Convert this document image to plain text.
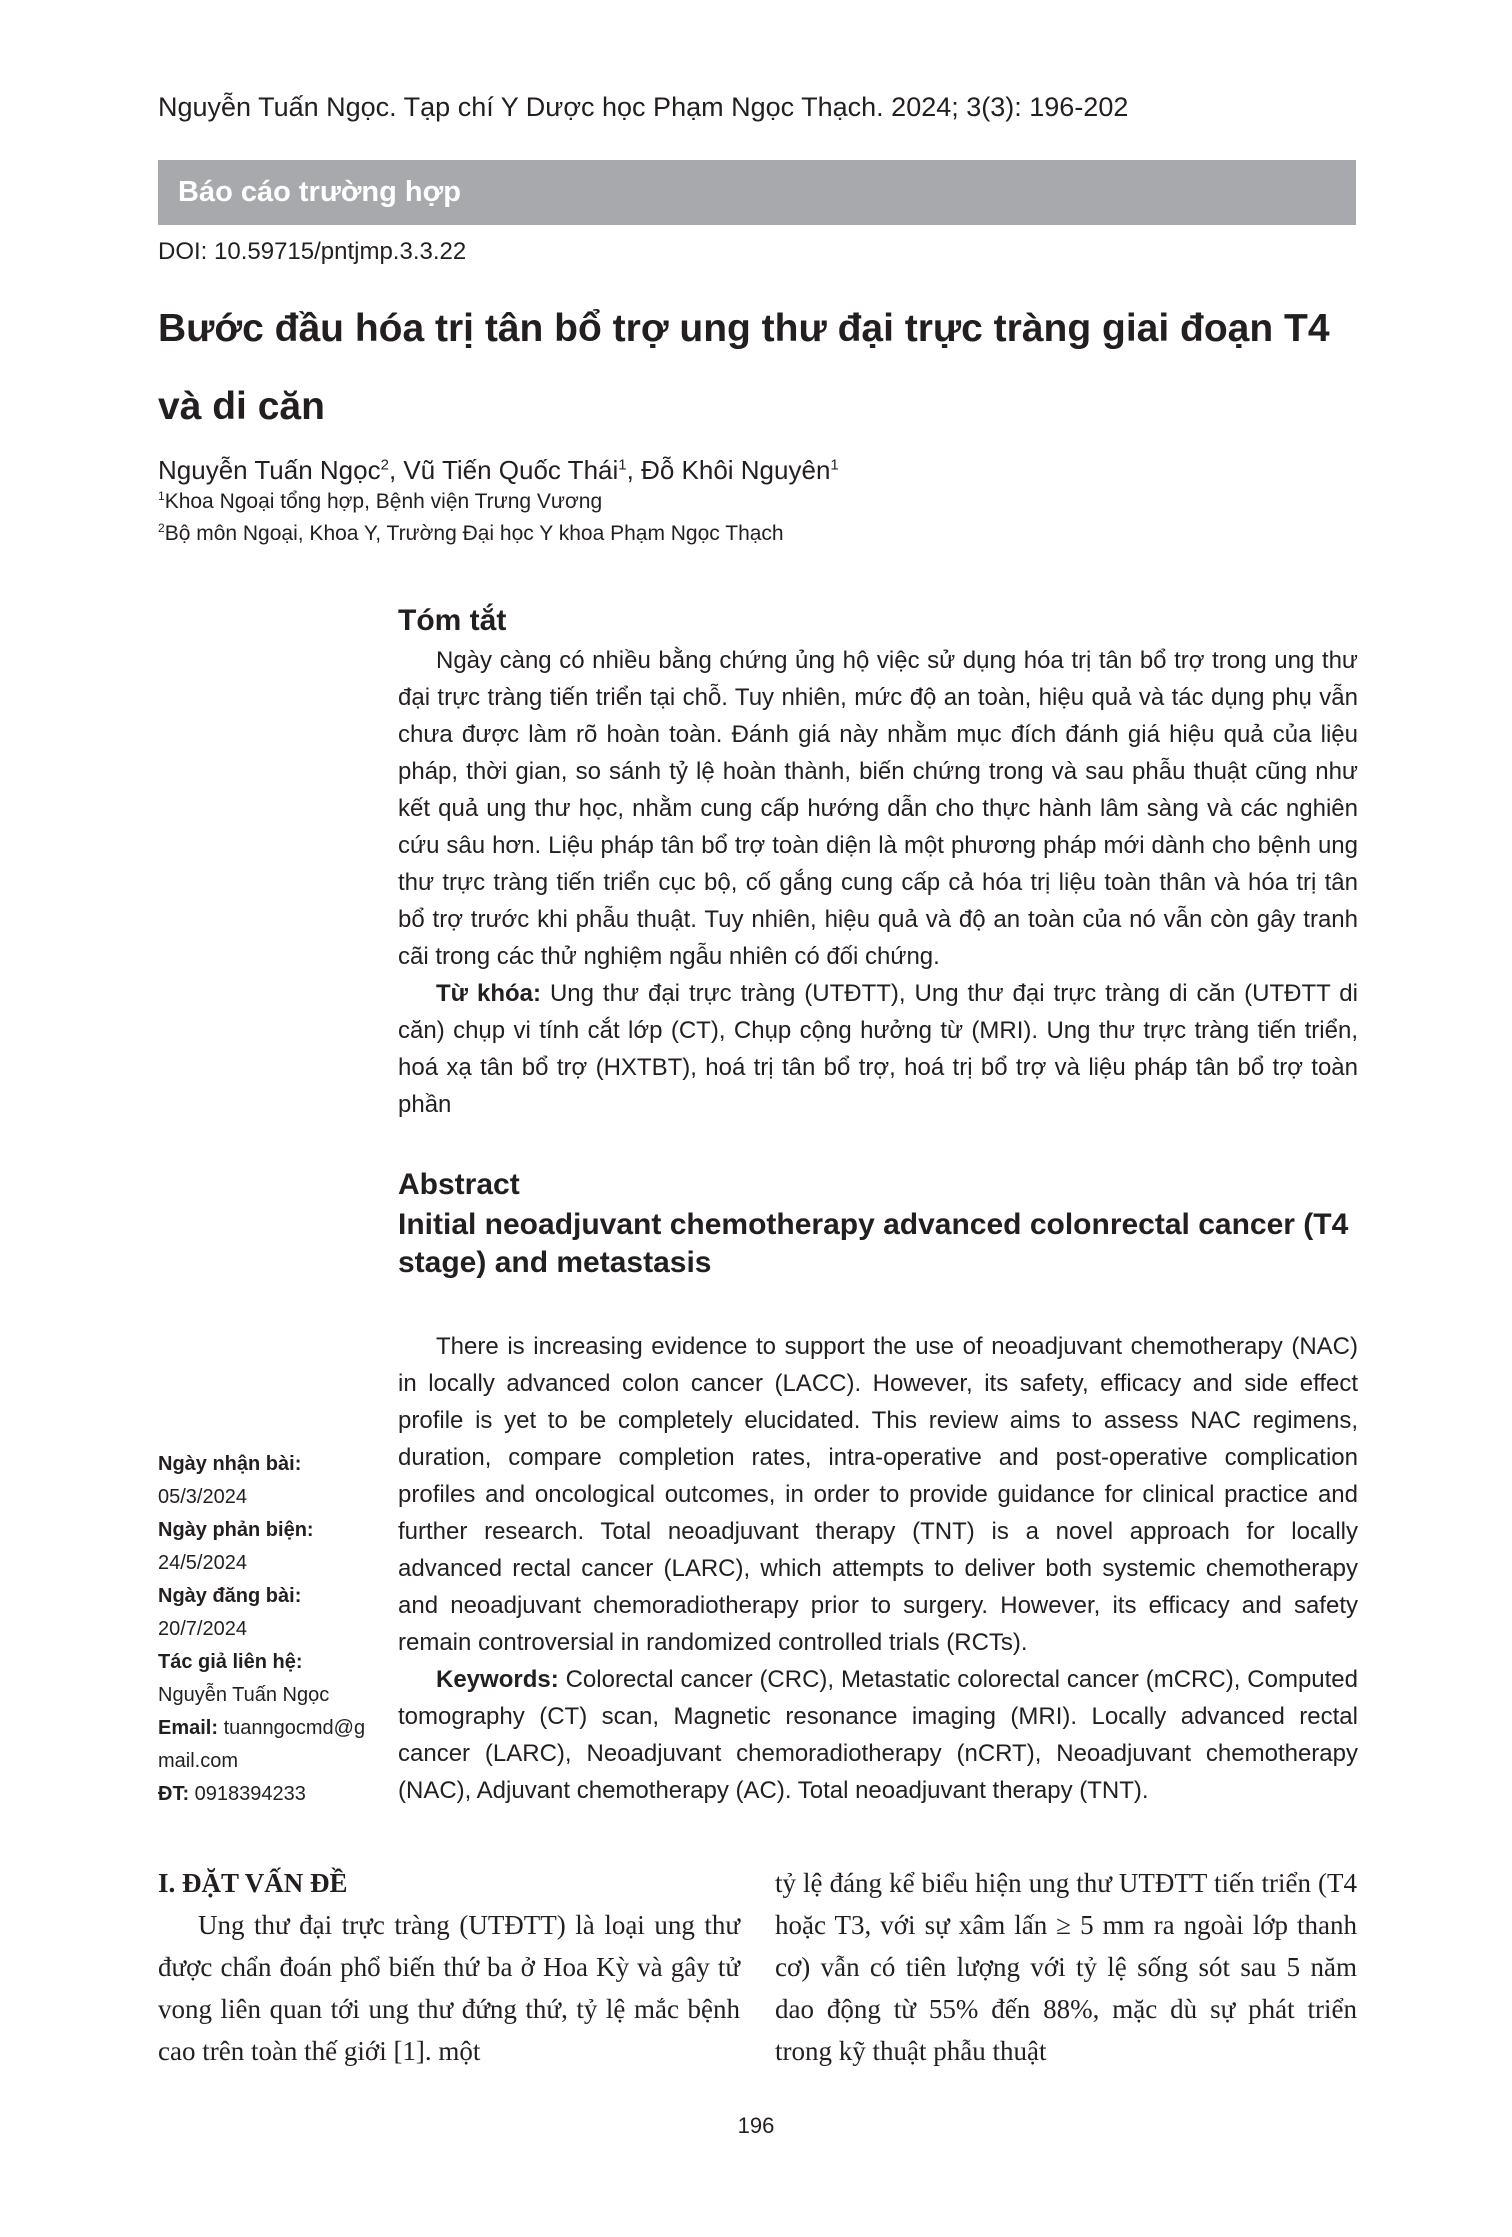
Nguyễn Tuấn Ngọc. Tạp chí Y Dược học Phạm Ngọc Thạch. 2024; 3(3): 196-202
Báo cáo trường hợp
DOI: 10.59715/pntjmp.3.3.22
Bước đầu hóa trị tân bổ trợ ung thư đại trực tràng giai đoạn T4 và di căn
Nguyễn Tuấn Ngọc$^2$, Vũ Tiến Quốc Thái$^1$, Đỗ Khôi Nguyên$^1$
$^1$Khoa Ngoại tổng hợp, Bệnh viện Trưng Vương
$^2$Bộ môn Ngoại, Khoa Y, Trường Đại học Y khoa Phạm Ngọc Thạch
Tóm tắt

Ngày càng có nhiều bằng chứng ủng hộ việc sử dụng hóa trị tân bổ trợ trong ung thư đại trực tràng tiến triển tại chỗ. Tuy nhiên, mức độ an toàn, hiệu quả và tác dụng phụ vẫn chưa được làm rõ hoàn toàn. Đánh giá này nhằm mục đích đánh giá hiệu quả của liệu pháp, thời gian, so sánh tỷ lệ hoàn thành, biến chứng trong và sau phẫu thuật cũng như kết quả ung thư học, nhằm cung cấp hướng dẫn cho thực hành lâm sàng và các nghiên cứu sâu hơn. Liệu pháp tân bổ trợ toàn diện là một phương pháp mới dành cho bệnh ung thư trực tràng tiến triển cục bộ, cố gắng cung cấp cả hóa trị liệu toàn thân và hóa trị tân bổ trợ trước khi phẫu thuật. Tuy nhiên, hiệu quả và độ an toàn của nó vẫn còn gây tranh cãi trong các thử nghiệm ngẫu nhiên có đối chứng.

Từ khóa: Ung thư đại trực tràng (UTĐTT), Ung thư đại trực tràng di căn (UTĐTT di căn) chụp vi tính cắt lớp (CT), Chụp cộng hưởng từ (MRI). Ung thư trực tràng tiến triển, hoá xạ tân bổ trợ (HXTBT), hoá trị tân bổ trợ, hoá trị bổ trợ và liệu pháp tân bổ trợ toàn phần

Abstract
Initial neoadjuvant chemotherapy advanced colonrectal cancer (T4 stage) and metastasis

There is increasing evidence to support the use of neoadjuvant chemotherapy (NAC) in locally advanced colon cancer (LACC). However, its safety, efficacy and side effect profile is yet to be completely elucidated. This review aims to assess NAC regimens, duration, compare completion rates, intra-operative and post-operative complication profiles and oncological outcomes, in order to provide guidance for clinical practice and further research. Total neoadjuvant therapy (TNT) is a novel approach for locally advanced rectal cancer (LARC), which attempts to deliver both systemic chemotherapy and neoadjuvant chemoradiotherapy prior to surgery. However, its efficacy and safety remain controversial in randomized controlled trials (RCTs).

Keywords: Colorectal cancer (CRC), Metastatic colorectal cancer (mCRC), Computed tomography (CT) scan, Magnetic resonance imaging (MRI). Locally advanced rectal cancer (LARC), Neoadjuvant chemoradiotherapy (nCRT), Neoadjuvant chemotherapy (NAC), Adjuvant chemotherapy (AC). Total neoadjuvant therapy (TNT).

Ngày nhận bài:
05/3/2024
Ngày phản biện:
24/5/2024
Ngày đăng bài:
20/7/2024
Tác giả liên hệ:
Nguyễn Tuấn Ngọc
Email: tuanngocmd@gmail.com
ĐT: 0918394233
I. ĐẶT VẤN ĐỀ

Ung thư đại trực tràng (UTĐTT) là loại ung thư được chẩn đoán phổ biến thứ ba ở Hoa Kỳ và gây tử vong liên quan tới ung thư đứng thứ, tỷ lệ mắc bệnh cao trên toàn thế giới [1]. một

tỷ lệ đáng kể biểu hiện ung thư UTĐTT tiến triển (T4 hoặc T3, với sự xâm lấn ≥ 5 mm ra ngoài lớp thanh cơ) vẫn có tiên lượng với tỷ lệ sống sót sau 5 năm dao động từ 55% đến 88%, mặc dù sự phát triển trong kỹ thuật phẫu thuật

196
